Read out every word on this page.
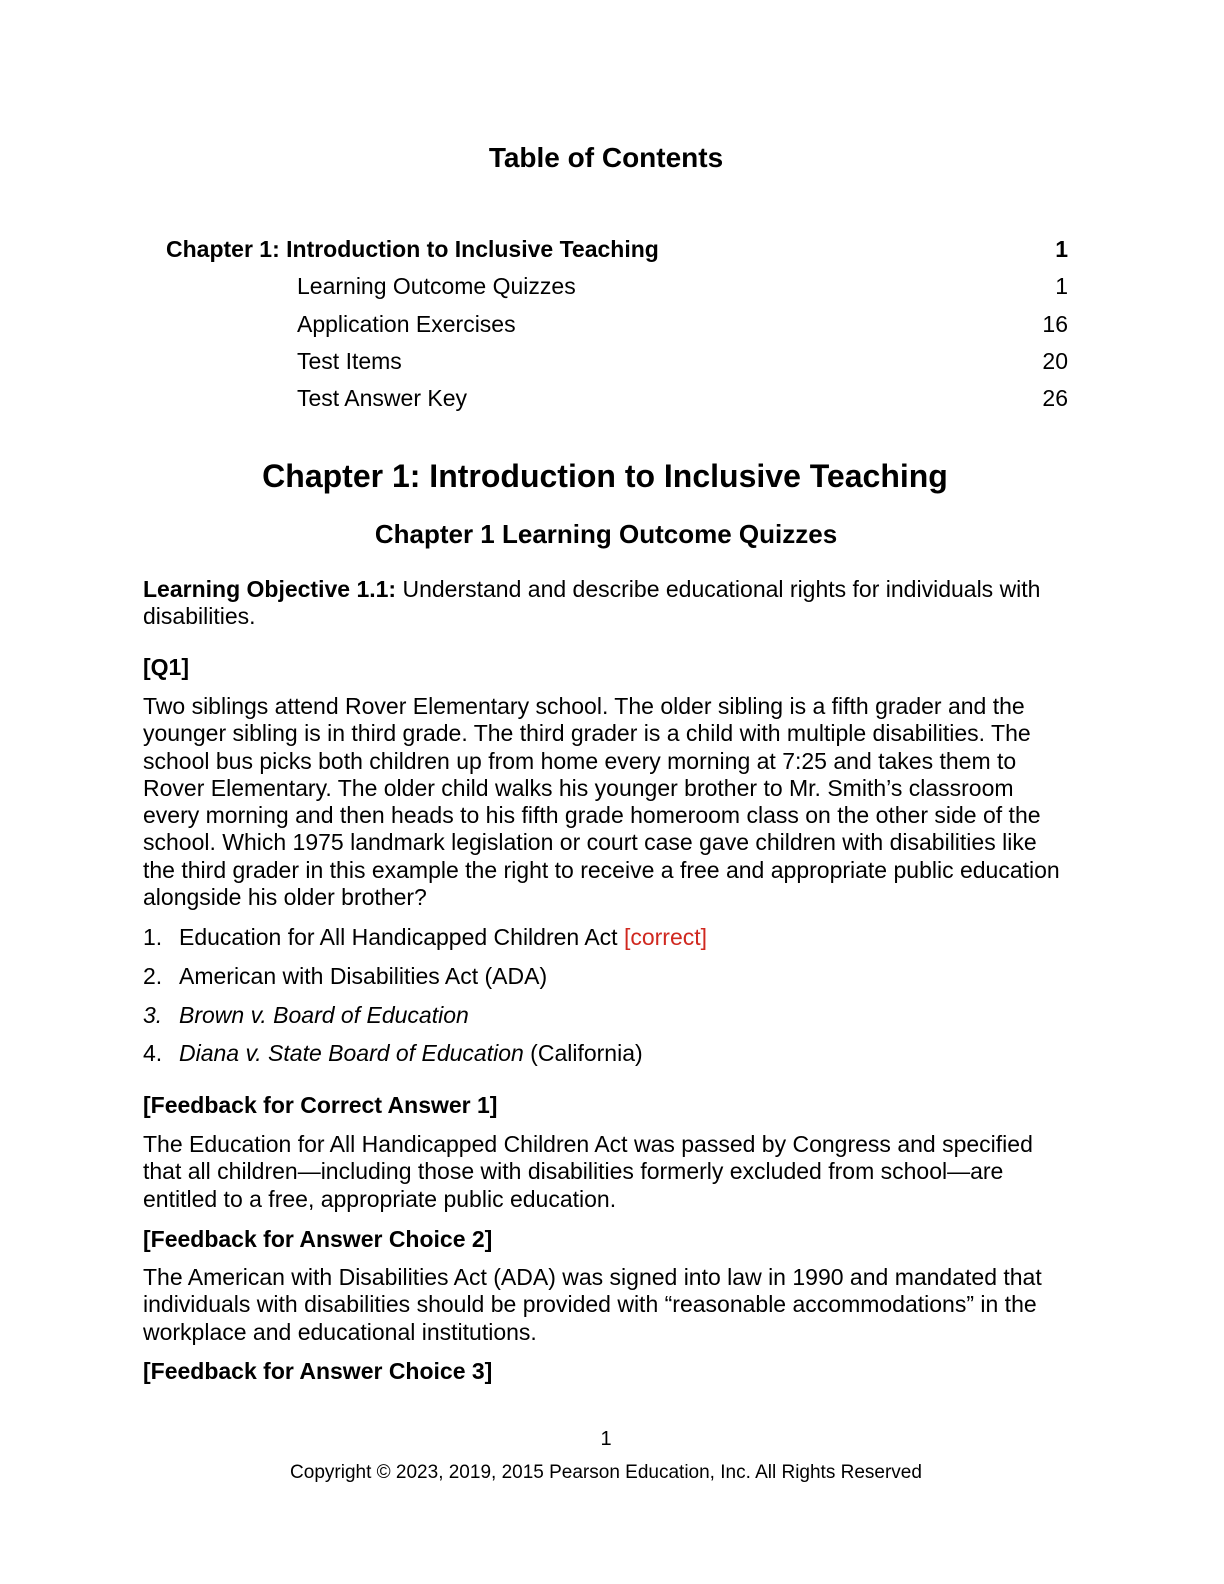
Table of Contents
Chapter 1: Introduction to Inclusive Teaching	1
Learning Outcome Quizzes	1
Application Exercises	16
Test Items	20
Test Answer Key	26
Chapter 1: Introduction to Inclusive Teaching
Chapter 1 Learning Outcome Quizzes
Learning Objective 1.1: Understand and describe educational rights for individuals with disabilities.
[Q1]
Two siblings attend Rover Elementary school. The older sibling is a fifth grader and the younger sibling is in third grade. The third grader is a child with multiple disabilities. The school bus picks both children up from home every morning at 7:25 and takes them to Rover Elementary. The older child walks his younger brother to Mr. Smith’s classroom every morning and then heads to his fifth grade homeroom class on the other side of the school. Which 1975 landmark legislation or court case gave children with disabilities like the third grader in this example the right to receive a free and appropriate public education alongside his older brother?
1. Education for All Handicapped Children Act [correct]
2. American with Disabilities Act (ADA)
3. Brown v. Board of Education
4. Diana v. State Board of Education (California)
[Feedback for Correct Answer 1]
The Education for All Handicapped Children Act was passed by Congress and specified that all children—including those with disabilities formerly excluded from school—are entitled to a free, appropriate public education.
[Feedback for Answer Choice 2]
The American with Disabilities Act (ADA) was signed into law in 1990 and mandated that individuals with disabilities should be provided with “reasonable accommodations” in the workplace and educational institutions.
[Feedback for Answer Choice 3]
1
Copyright © 2023, 2019, 2015 Pearson Education, Inc. All Rights Reserved
